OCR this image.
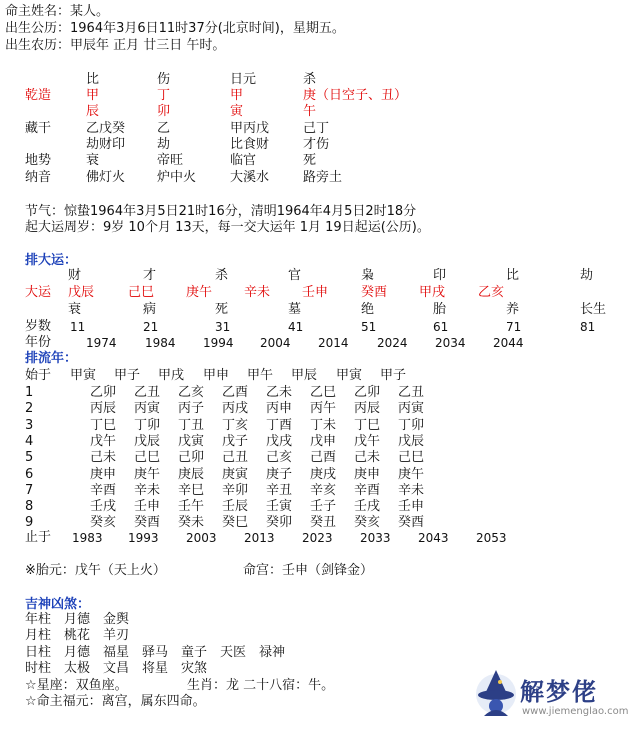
命主姓名：某人。
出生公历：1964年3月6日11时37分(北京时间)，星期五。
出生农历：甲辰年 正月 廿三日 午时。
比	伤	日元	杀
乾造	甲	丁	甲	庚（日空子、丑）
辰	卯	寅	午
藏干	乙戊癸 乙	甲丙戊	己丁
劫财印 劫	比食财	才伤
地势	衰	帝旺	临官	死
纳音	佛灯火 炉中火	大溪水	路旁土
节气：惊蛰1964年3月5日21时16分，清明1964年4月5日2时18分
起大运周岁：9岁 10个月 13天，每一交大运年 1月 19日起运(公历)。
排大运：
财	才	杀	官	枭	印	比	劫
大运 戊辰	己巳 庚午 辛未 壬申	癸酉 甲戌	乙亥
衰	病	死	墓	绝	胎	养	长生
岁数 11	21	31	41	51	61	71	81
年份	1974 1984 1994 2004 2014 2024 2034 2044
排流年：
始于 甲寅 甲子 甲戌 甲申 甲午 甲辰 甲寅 甲子
1	乙卯 乙丑 乙亥 乙酉 乙未 乙巳 乙卯 乙丑
2	丙辰 丙寅 丙子 丙戌 丙申 丙午 丙辰 丙寅
3	丁巳 丁卯 丁丑 丁亥 丁酉 丁未 丁巳 丁卯
4	戊午 戊辰 戊寅 戊子 戊戌 戊申 戊午 戊辰
5	己未 己巳 己卯 己丑 己亥 己酉 己未 己巳
6	庚申 庚午 庚辰 庚寅 庚子 庚戌 庚申 庚午
7	辛酉 辛未 辛巳 辛卯 辛丑 辛亥 辛酉 辛未
8	壬戌 壬申 壬午 壬辰 壬寅 壬子 壬戌 壬申
9	癸亥 癸酉 癸未 癸巳 癸卯 癸丑 癸亥 癸酉
止于 1983 1993 2003 2013 2023 2033 2043 2053
※胎元：戊午（天上火）	命宫：壬申（剑锋金）
吉神凶煞：
年柱　月德　金舆
月柱　桃花　羊刃
日柱　月德　福星　驿马　童子　天医　禄神
时柱　太极　文昌　将星　灾煞
☆星座：双鱼座。	生肖：龙 二十八宿：牛。
☆命主福元：离宫，属东四命。	解梦佬
www.jiemenglao.com
